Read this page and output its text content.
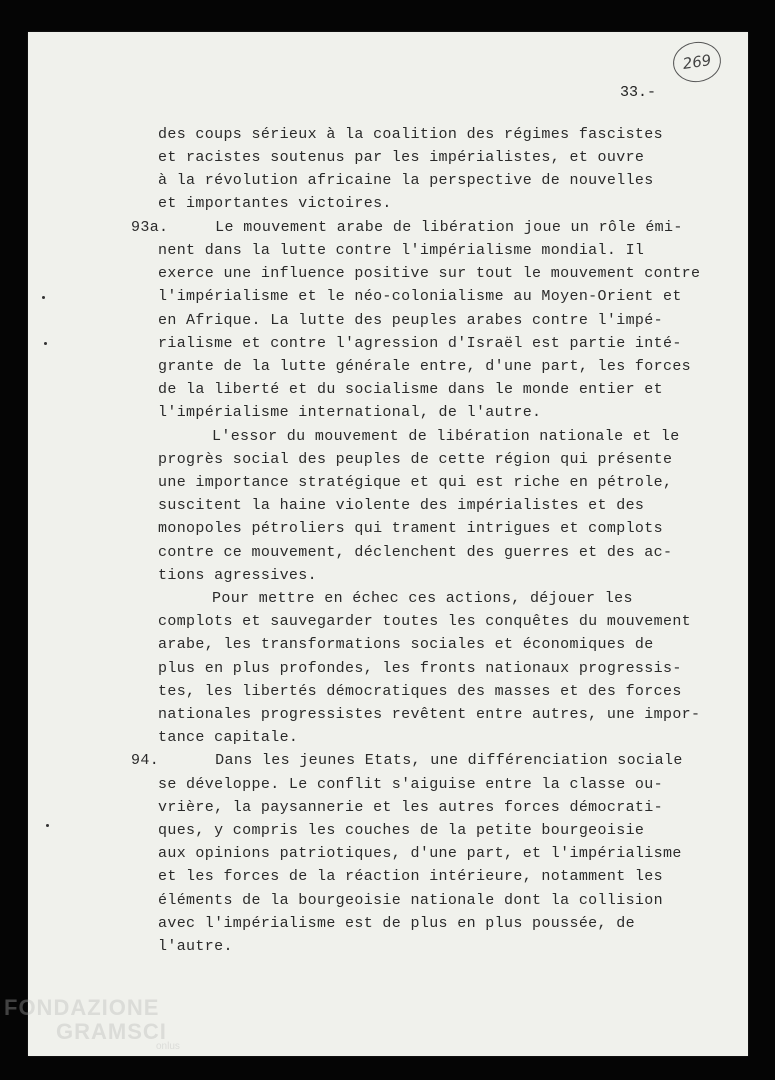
269
33.-
des coups sérieux à la coalition des régimes fascistes
et racistes soutenus par les impérialistes, et ouvre
à la révolution africaine la perspective de nouvelles
et importantes victoires.
93a.     Le mouvement arabe de libération joue un rôle émi-
nent dans la lutte contre l'impérialisme mondial. Il
exerce une influence positive sur tout le mouvement contre
l'impérialisme et le néo-colonialisme au Moyen-Orient et
en Afrique. La lutte des peuples arabes contre l'impé-
rialisme et contre l'agression d'Israël est partie inté-
grante de la lutte générale entre, d'une part, les forces
de la liberté et du socialisme dans le monde entier et
l'impérialisme international, de l'autre.
L'essor du mouvement de libération nationale et le
progrès social des peuples de cette région qui présente
une importance stratégique et qui est riche en pétrole,
suscitent la haine violente des impérialistes et des
monopoles pétroliers qui trament intrigues et complots
contre ce mouvement, déclenchent des guerres et des ac-
tions agressives.
Pour mettre en échec ces actions, déjouer les
complots et sauvegarder toutes les conquêtes du mouvement
arabe, les transformations sociales et économiques de
plus en plus profondes, les fronts nationaux progressis-
tes, les libertés démocratiques des masses et des forces
nationales progressistes revêtent entre autres, une impor-
tance capitale.
94.      Dans les jeunes Etats, une différenciation sociale
se développe. Le conflit s'aiguise entre la classe ou-
vrière, la paysannerie et les autres forces démocrati-
ques, y compris les couches de la petite bourgeoisie
aux opinions patriotiques, d'une part, et l'impérialisme
et les forces de la réaction intérieure, notamment les
éléments de la bourgeoisie nationale dont la collision
avec l'impérialisme est de plus en plus poussée, de
l'autre.
FONDAZIONE
GRAMSCI
onlus
